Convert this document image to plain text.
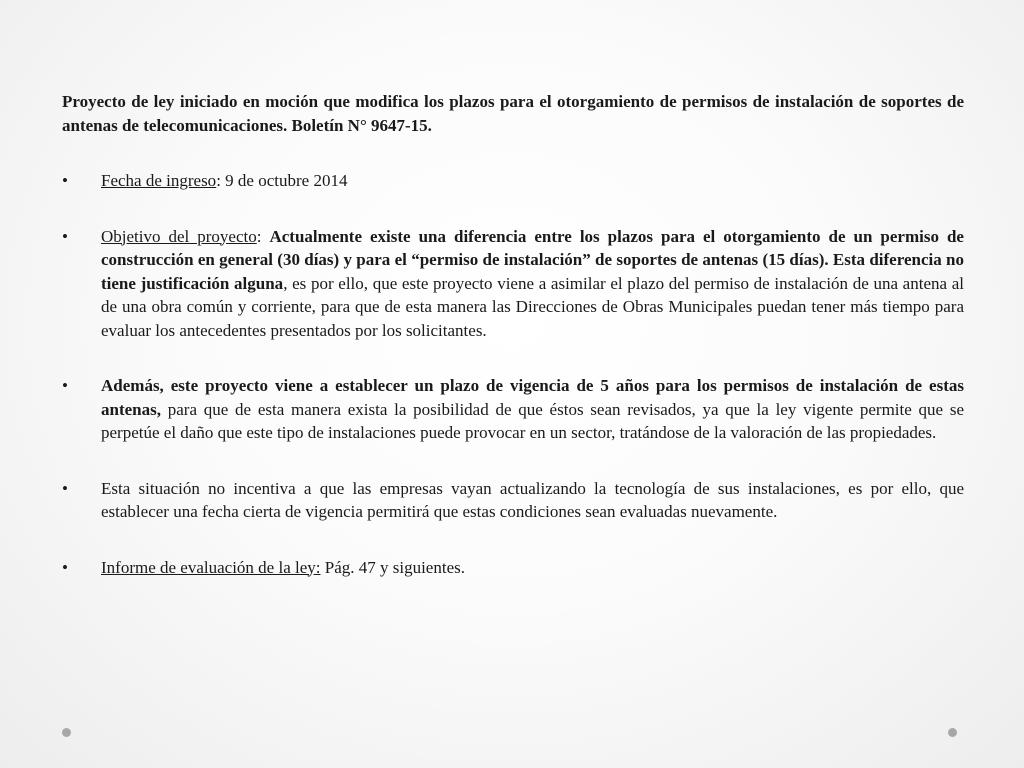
Proyecto de ley iniciado en moción que modifica los plazos para el otorgamiento de permisos de instalación de soportes de antenas de telecomunicaciones. Boletín N° 9647-15.

• Fecha de ingreso: 9 de octubre 2014
• Objetivo del proyecto: Actualmente existe una diferencia entre los plazos para el otorgamiento de un permiso de construcción en general (30 días) y para el “permiso de instalación” de soportes de antenas (15 días). Esta diferencia no tiene justificación alguna, es por ello, que este proyecto viene a asimilar el plazo del permiso de instalación de una antena al de una obra común y corriente, para que de esta manera las Direcciones de Obras Municipales puedan tener más tiempo para evaluar los antecedentes presentados por los solicitantes.
• Además, este proyecto viene a establecer un plazo de vigencia de 5 años para los permisos de instalación de estas antenas, para que de esta manera exista la posibilidad de que éstos sean revisados, ya que la ley vigente permite que se perpetúe el daño que este tipo de instalaciones puede provocar en un sector, tratándose de la valoración de las propiedades.
• Esta situación no incentiva a que las empresas vayan actualizando la tecnología de sus instalaciones, es por ello, que establecer una fecha cierta de vigencia permitirá que estas condiciones sean evaluadas nuevamente.
• Informe de evaluación de la ley: Pág. 47 y siguientes.
